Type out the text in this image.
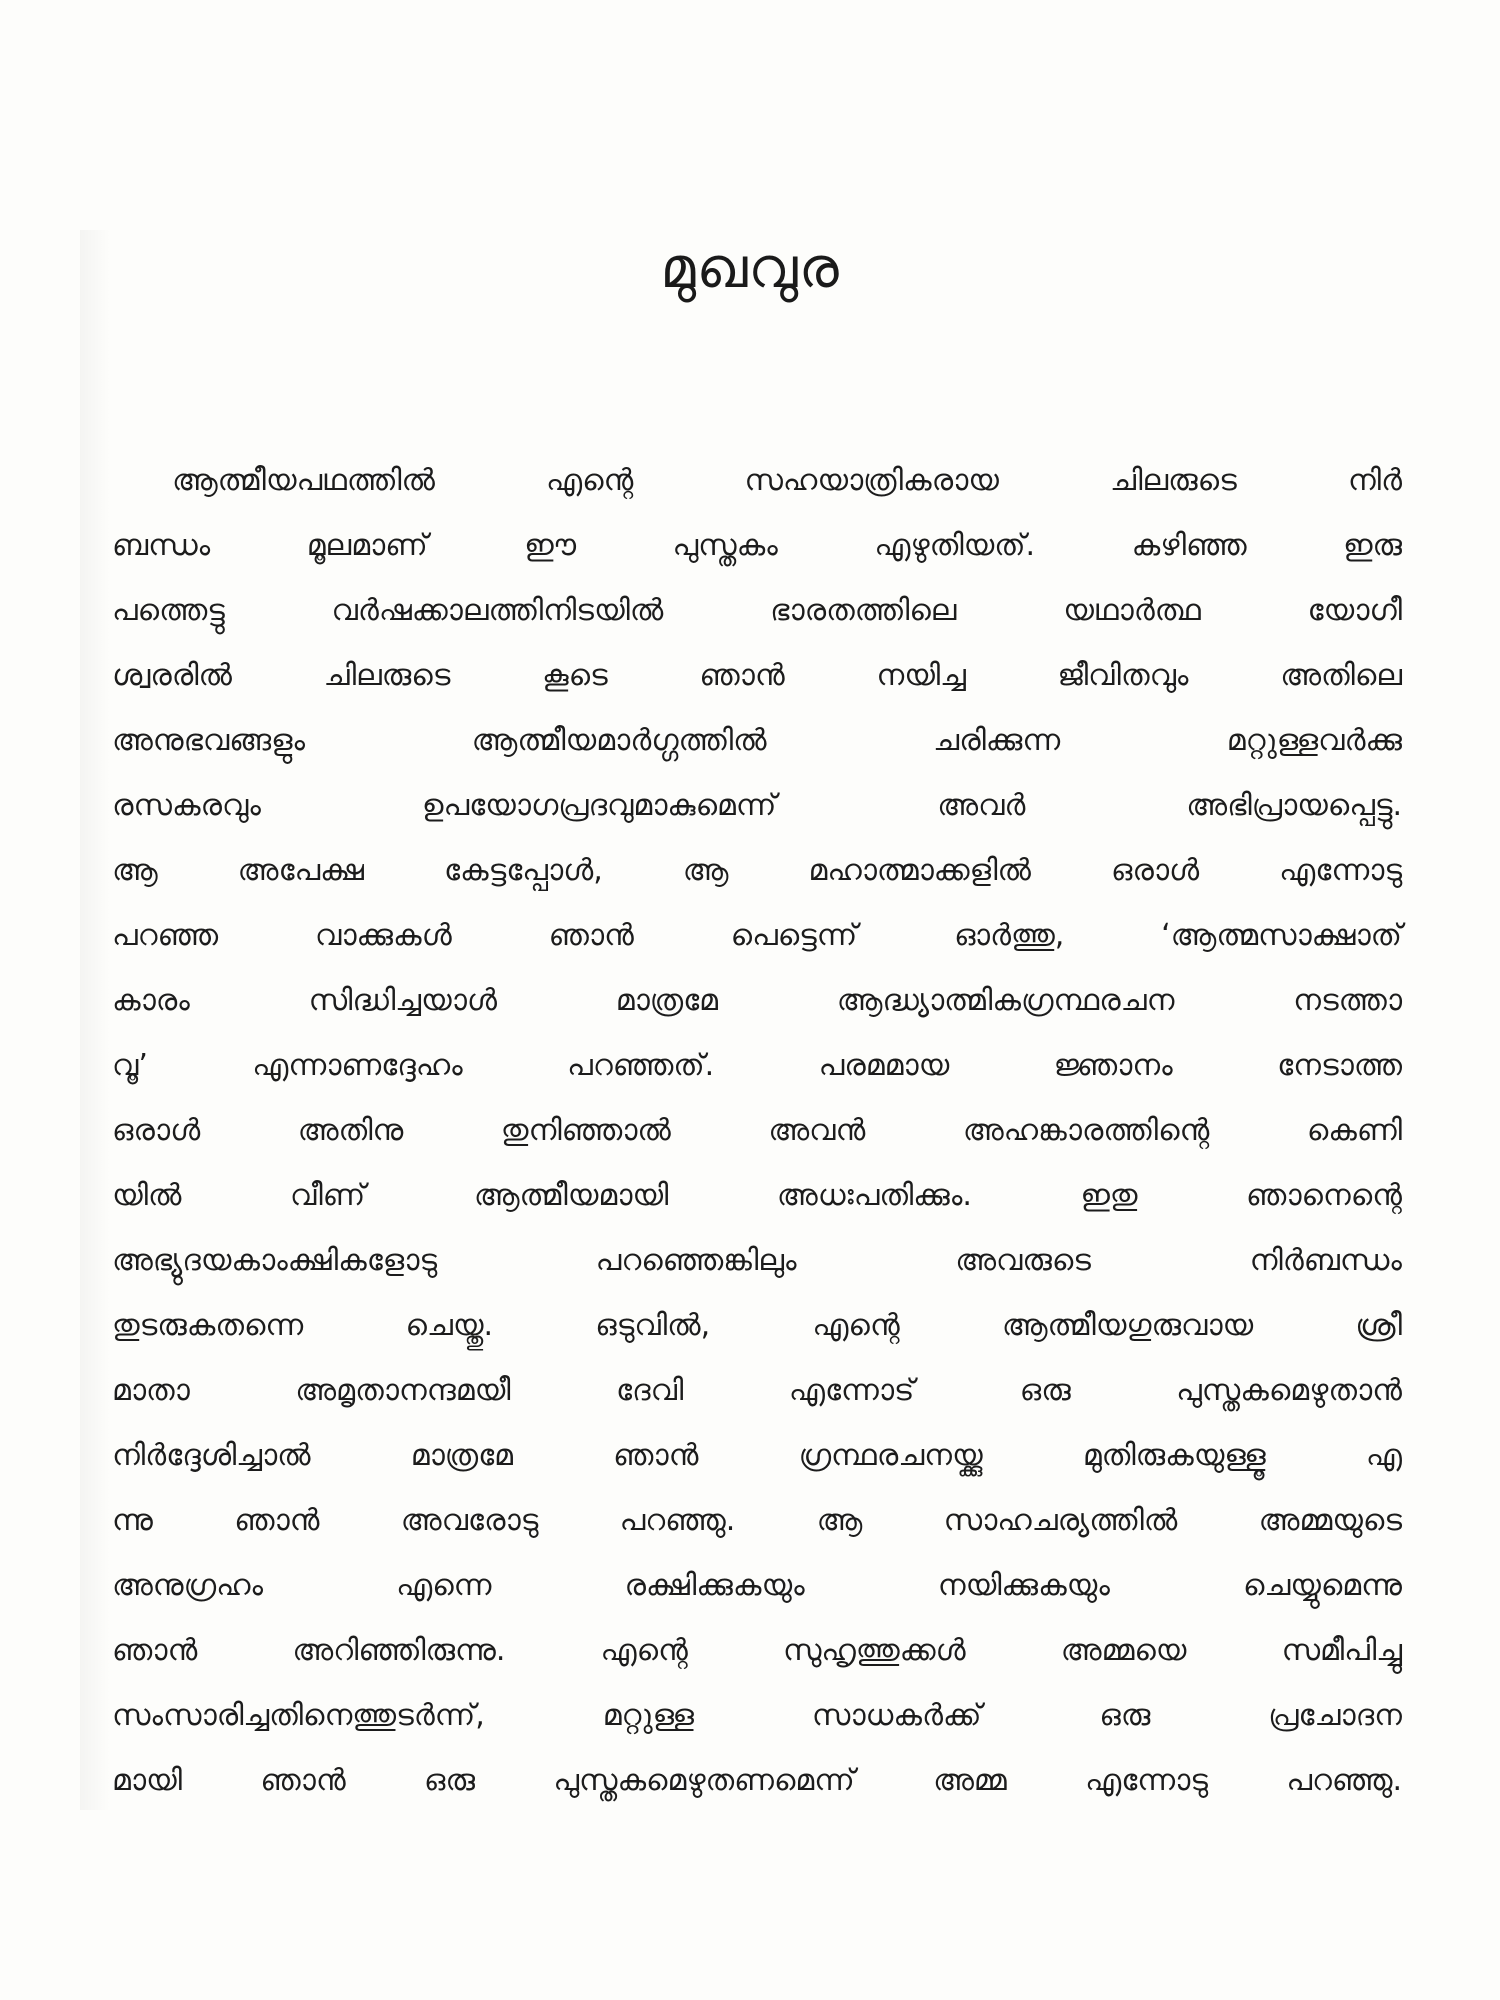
മുഖവുര
ആത്മീയപഥത്തിൽ എന്റെ സഹയാത്രികരായ ചിലരുടെ നിർ
ബന്ധം മൂലമാണ് ഈ പുസ്തകം എഴുതിയത്. കഴിഞ്ഞ ഇരു
പത്തെട്ടു വർഷക്കാലത്തിനിടയിൽ ഭാരതത്തിലെ യഥാർത്ഥ യോഗീ
ശ്വരരിൽ ചിലരുടെ കൂടെ ഞാൻ നയിച്ച ജീവിതവും അതിലെ
അനുഭവങ്ങളും ആത്മീയമാർഗ്ഗത്തിൽ ചരിക്കുന്ന മറ്റുള്ളവർക്കു
രസകരവും ഉപയോഗപ്രദവുമാകുമെന്ന് അവർ അഭിപ്രായപ്പെട്ടു.
ആ അപേക്ഷ കേട്ടപ്പോൾ, ആ മഹാത്മാക്കളിൽ ഒരാൾ എന്നോടു
പറഞ്ഞ വാക്കുകൾ ഞാൻ പെട്ടെന്ന് ഓർത്തു, ‘ആത്മസാക്ഷാത്
കാരം സിദ്ധിച്ചയാൾ മാത്രമേ ആദ്ധ്യാത്മികഗ്രന്ഥരചന നടത്താ
വൂ’ എന്നാണദ്ദേഹം പറഞ്ഞത്. പരമമായ ജ്ഞാനം നേടാത്ത
ഒരാൾ അതിനു തുനിഞ്ഞാൽ അവൻ അഹങ്കാരത്തിന്റെ കെണി
യിൽ വീണ് ആത്മീയമായി അധഃപതിക്കും. ഇതു ഞാനെന്റെ
അഭ്യുദയകാംക്ഷികളോടു പറഞ്ഞെങ്കിലും അവരുടെ നിർബന്ധം
തുടരുകതന്നെ ചെയ്തു. ഒടുവിൽ, എന്റെ ആത്മീയഗുരുവായ ശ്രീ
മാതാ അമൃതാനന്ദമയീ ദേവി എന്നോട് ഒരു പുസ്തകമെഴുതാൻ
നിർദ്ദേശിച്ചാൽ മാത്രമേ ഞാൻ ഗ്രന്ഥരചനയ്ക്കു മുതിരുകയുള്ളൂ എ
ന്നു ഞാൻ അവരോടു പറഞ്ഞു. ആ സാഹചര്യത്തിൽ അമ്മയുടെ
അനുഗ്രഹം എന്നെ രക്ഷിക്കുകയും നയിക്കുകയും ചെയ്യുമെന്നു
ഞാൻ അറിഞ്ഞിരുന്നു. എന്റെ സുഹൃത്തുക്കൾ അമ്മയെ സമീപിച്ചു
സംസാരിച്ചതിനെത്തുടർന്ന്, മറ്റുള്ള സാധകർക്ക് ഒരു പ്രചോദന
മായി ഞാൻ ഒരു പുസ്തകമെഴുതണമെന്ന് അമ്മ എന്നോടു പറഞ്ഞു.
